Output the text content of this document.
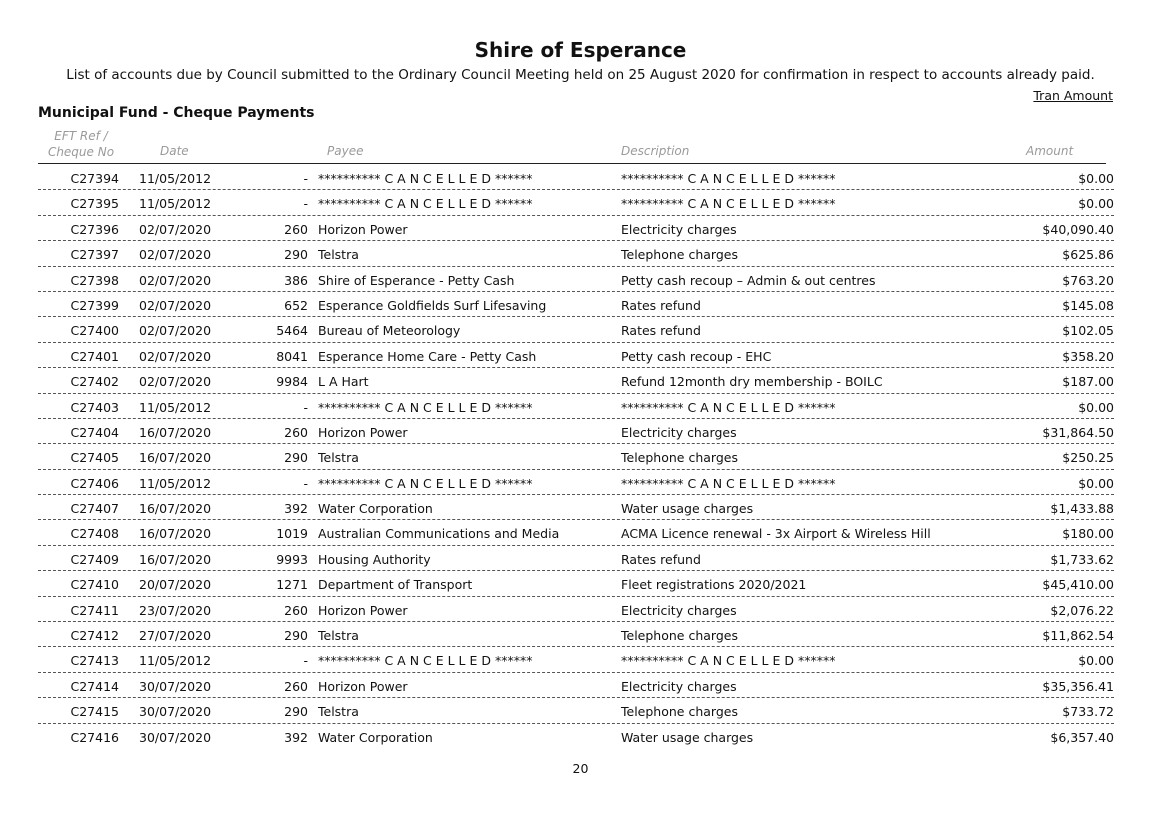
Shire of Esperance
List of accounts due by Council submitted to the Ordinary Council Meeting held on 25 August 2020 for confirmation in respect to accounts already paid.
Tran Amount
Municipal Fund - Cheque Payments
EFT Ref /
Cheque No	Date	Payee	Description	Amount
C27394 11/05/2012	- ********** C A N C E L L E D ******	********** C A N C E L L E D ******	$0.00
C27395 11/05/2012	- ********** C A N C E L L E D ******	********** C A N C E L L E D ******	$0.00
C27396 02/07/2020	260 Horizon Power	Electricity charges	$40,090.40
C27397 02/07/2020	290 Telstra	Telephone charges	$625.86
C27398 02/07/2020	386 Shire of Esperance - Petty Cash	Petty cash recoup – Admin & out centres	$763.20
C27399 02/07/2020	652 Esperance Goldfields Surf Lifesaving	Rates refund	$145.08
C27400 02/07/2020	5464 Bureau of Meteorology	Rates refund	$102.05
C27401 02/07/2020	8041 Esperance Home Care - Petty Cash	Petty cash recoup - EHC	$358.20
C27402 02/07/2020	9984 L A Hart	Refund 12month dry membership - BOILC	$187.00
C27403 11/05/2012	- ********** C A N C E L L E D ******	********** C A N C E L L E D ******	$0.00
C27404 16/07/2020	260 Horizon Power	Electricity charges	$31,864.50
C27405 16/07/2020	290 Telstra	Telephone charges	$250.25
C27406 11/05/2012	- ********** C A N C E L L E D ******	********** C A N C E L L E D ******	$0.00
C27407 16/07/2020	392 Water Corporation	Water usage charges	$1,433.88
C27408 16/07/2020	1019 Australian Communications and Media	ACMA Licence renewal - 3x Airport & Wireless Hill	$180.00
C27409 16/07/2020	9993 Housing Authority	Rates refund	$1,733.62
C27410 20/07/2020	1271 Department of Transport	Fleet registrations 2020/2021	$45,410.00
C27411 23/07/2020	260 Horizon Power	Electricity charges	$2,076.22
C27412 27/07/2020	290 Telstra	Telephone charges	$11,862.54
C27413 11/05/2012	- ********** C A N C E L L E D ******	********** C A N C E L L E D ******	$0.00
C27414 30/07/2020	260 Horizon Power	Electricity charges	$35,356.41
C27415 30/07/2020	290 Telstra	Telephone charges	$733.72
C27416 30/07/2020	392 Water Corporation	Water usage charges	$6,357.40
20
